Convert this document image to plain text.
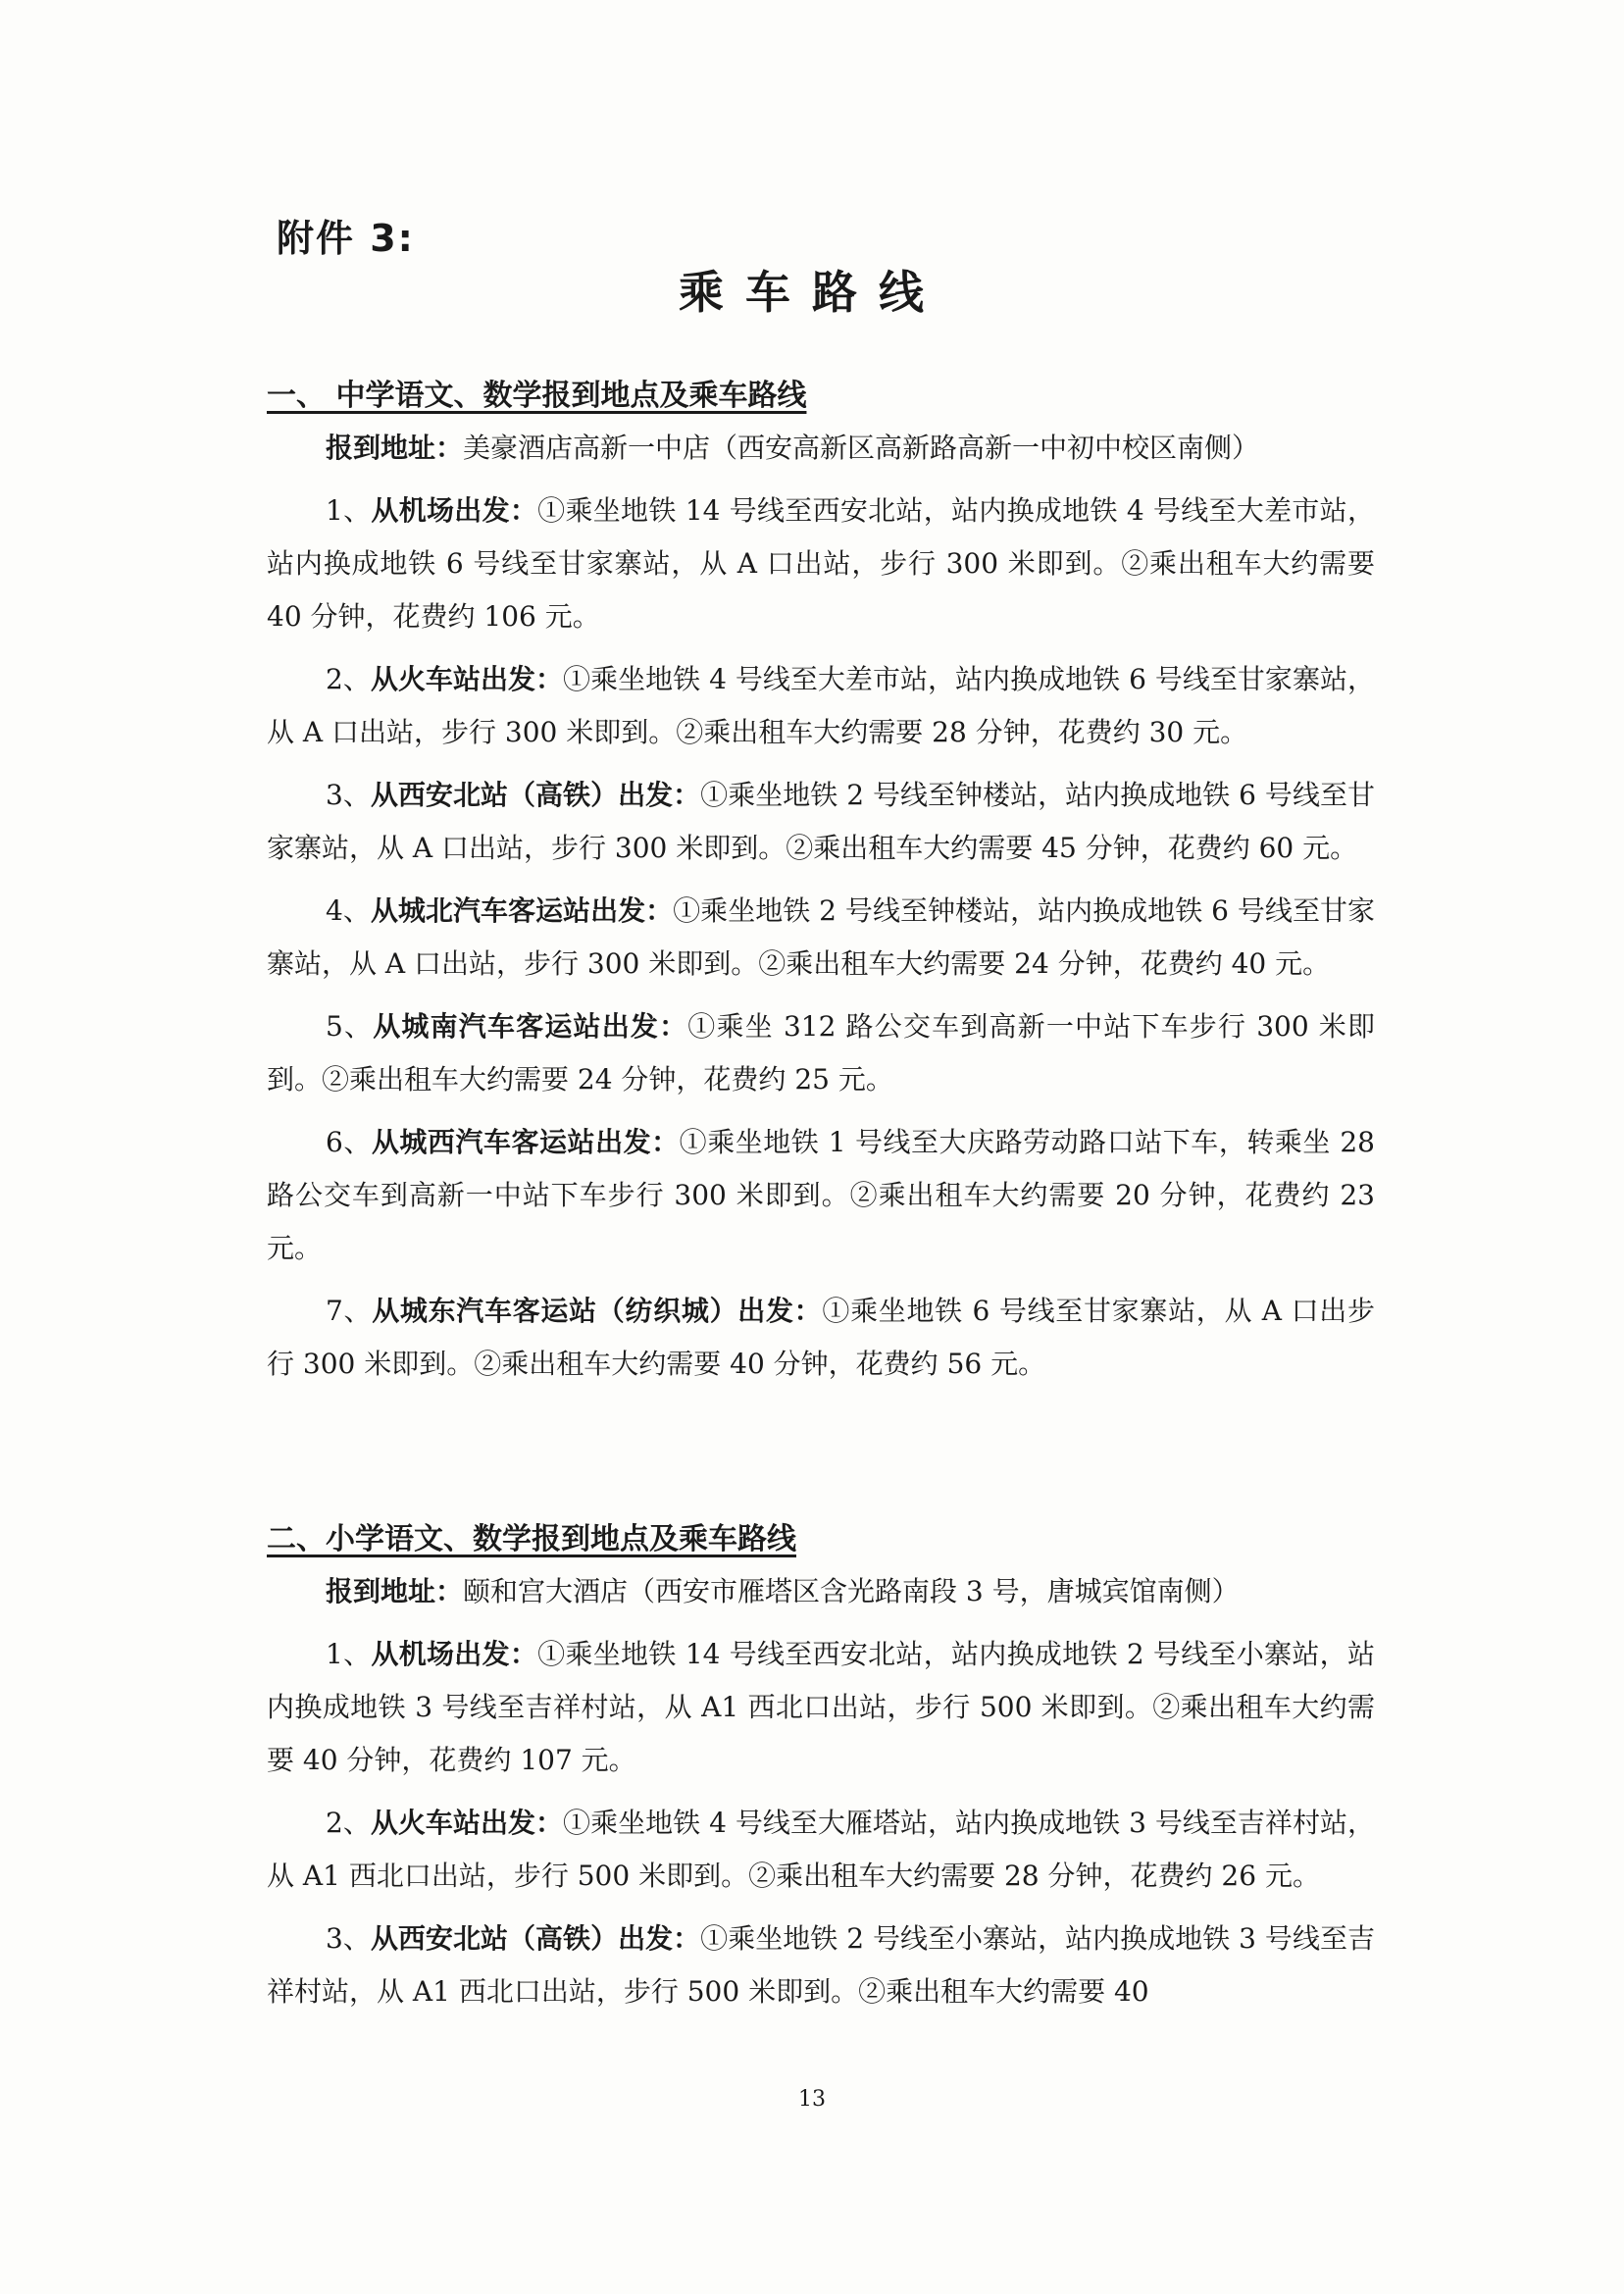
附件 3:

乘车路线
一、 中学语文、数学报到地点及乘车路线

报到地址：美豪酒店高新一中店（西安高新区高新路高新一中初中校区南侧）

1、从机场出发：①乘坐地铁 14 号线至西安北站，站内换成地铁 4 号线至大差市站，站内换成地铁 6 号线至甘家寨站，从 A 口出站，步行 300 米即到。②乘出租车大约需要 40 分钟，花费约 106 元。

2、从火车站出发：①乘坐地铁 4 号线至大差市站，站内换成地铁 6 号线至甘家寨站，从 A 口出站，步行 300 米即到。②乘出租车大约需要 28 分钟，花费约 30 元。

3、从西安北站（高铁）出发：①乘坐地铁 2 号线至钟楼站，站内换成地铁 6 号线至甘家寨站，从 A 口出站，步行 300 米即到。②乘出租车大约需要 45 分钟，花费约 60 元。

4、从城北汽车客运站出发：①乘坐地铁 2 号线至钟楼站，站内换成地铁 6 号线至甘家寨站，从 A 口出站，步行 300 米即到。②乘出租车大约需要 24 分钟，花费约 40 元。

5、从城南汽车客运站出发：①乘坐 312 路公交车到高新一中站下车步行 300 米即到。②乘出租车大约需要 24 分钟，花费约 25 元。

6、从城西汽车客运站出发：①乘坐地铁 1 号线至大庆路劳动路口站下车，转乘坐 28 路公交车到高新一中站下车步行 300 米即到。②乘出租车大约需要 20 分钟，花费约 23 元。

7、从城东汽车客运站（纺织城）出发：①乘坐地铁 6 号线至甘家寨站，从 A 口出步行 300 米即到。②乘出租车大约需要 40 分钟，花费约 56 元。

二、小学语文、数学报到地点及乘车路线

报到地址：颐和宫大酒店（西安市雁塔区含光路南段 3 号，唐城宾馆南侧）

1、从机场出发：①乘坐地铁 14 号线至西安北站，站内换成地铁 2 号线至小寨站，站内换成地铁 3 号线至吉祥村站，从 A1 西北口出站，步行 500 米即到。②乘出租车大约需要 40 分钟，花费约 107 元。

2、从火车站出发：①乘坐地铁 4 号线至大雁塔站，站内换成地铁 3 号线至吉祥村站，从 A1 西北口出站，步行 500 米即到。②乘出租车大约需要 28 分钟，花费约 26 元。

3、从西安北站（高铁）出发：①乘坐地铁 2 号线至小寨站，站内换成地铁 3 号线至吉祥村站，从 A1 西北口出站，步行 500 米即到。②乘出租车大约需要 40

13
